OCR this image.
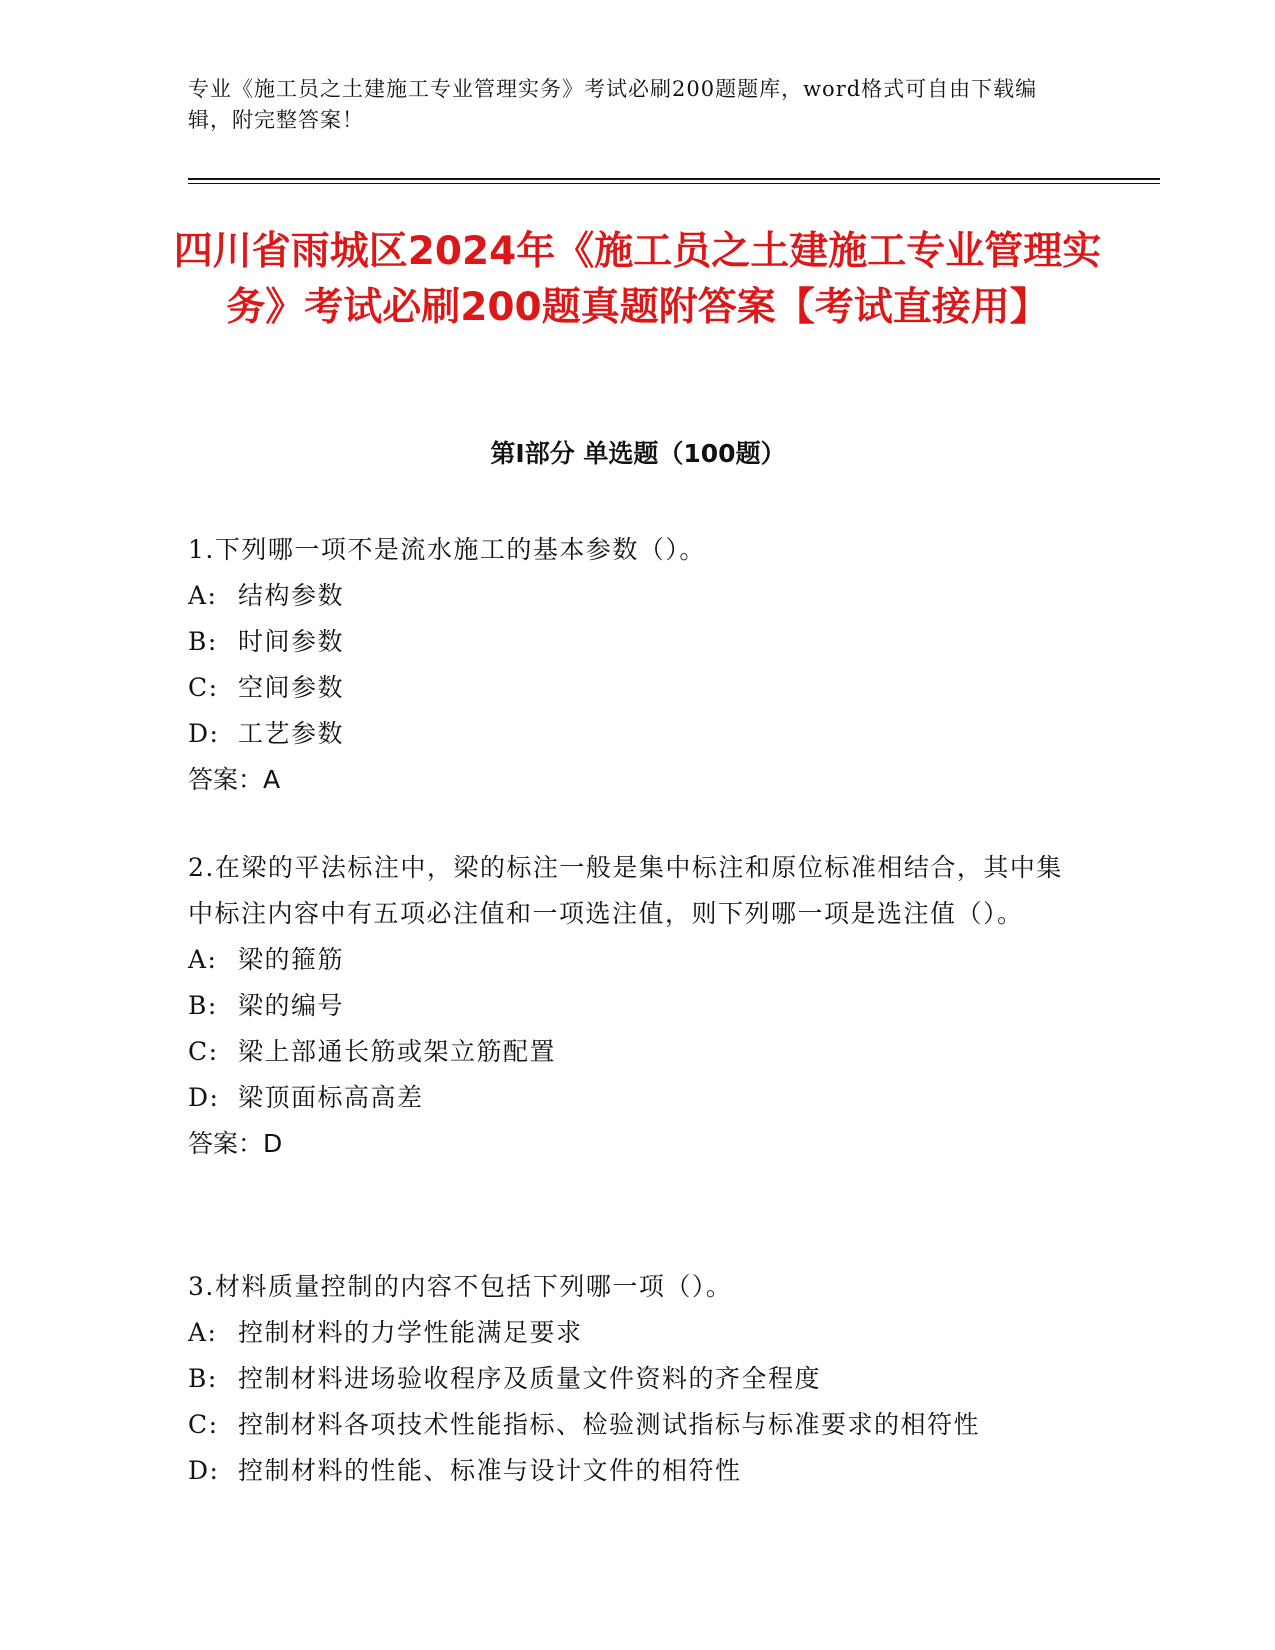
专业《施工员之土建施工专业管理实务》考试必刷200题题库，word格式可自由下载编辑，附完整答案！
四川省雨城区2024年《施工员之土建施工专业管理实务》考试必刷200题真题附答案【考试直接用】
第I部分 单选题（100题）
1.下列哪一项不是流水施工的基本参数（）。
A: 结构参数
B: 时间参数
C: 空间参数
D: 工艺参数
答案：A
2.在梁的平法标注中，梁的标注一般是集中标注和原位标准相结合，其中集中标注内容中有五项必注值和一项选注值，则下列哪一项是选注值（）。
A: 梁的箍筋
B: 梁的编号
C: 梁上部通长筋或架立筋配置
D: 梁顶面标高高差
答案：D
3.材料质量控制的内容不包括下列哪一项（）。
A: 控制材料的力学性能满足要求
B: 控制材料进场验收程序及质量文件资料的齐全程度
C: 控制材料各项技术性能指标、检验测试指标与标准要求的相符性
D: 控制材料的性能、标准与设计文件的相符性
